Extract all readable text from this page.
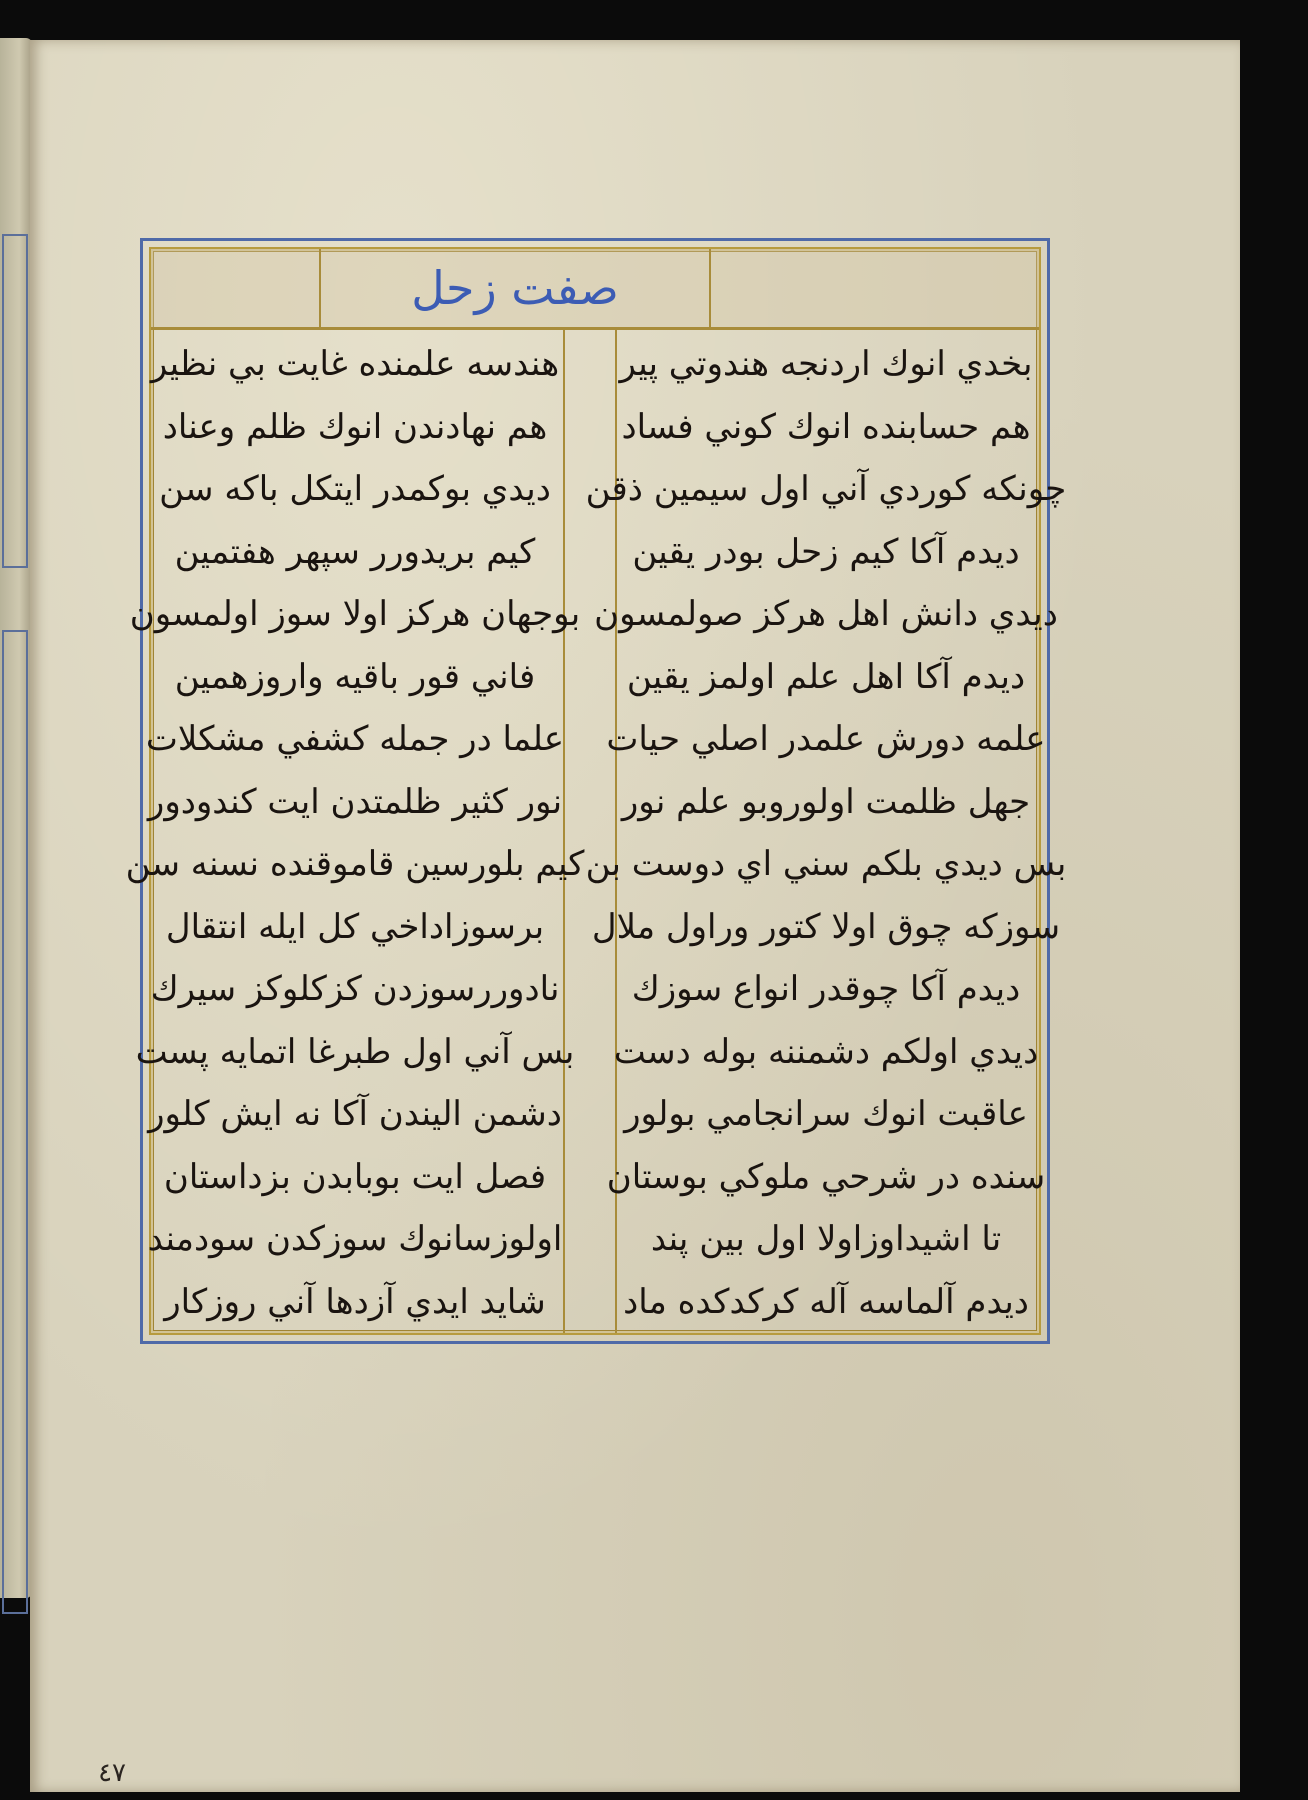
صفت زحل
بخدي انوك اردنجه هندوتي پير
هم حسابنده انوك كوني فساد
چونكه كوردي آني اول سيمين ذقن
ديدم آكا كيم زحل بودر يقين
ديدي دانش اهل هركز صولمسون
ديدم آكا اهل علم اولمز يقين
علمه دورش علمدر اصلي حيات
جهل ظلمت اولوروبو علم نور
بس ديدي بلكم سني اي دوست بن
سوزكه چوق اولا كتور وراول ملال
ديدم آكا چوقدر انواع سوزك
ديدي اولكم دشمننه بوله دست
عاقبت انوك سرانجامي بولور
سنده در شرحي ملوكي بوستان
تا اشيداوزاولا اول بين پند
ديدم آلماسه آله كركدكده ماد
هندسه علمنده غايت بي نظير
هم نهادندن انوك ظلم وعناد
ديدي بوكمدر ايتكل باكه سن
كيم بريدورر سپهر هفتمين
بوجهان هركز اولا سوز اولمسون
فاني قور باقيه واروزهمين
علما در جمله كشفي مشكلات
نور كثير ظلمتدن ايت كندودور
كيم بلورسين قاموقنده نسنه سن
برسوزاداخي كل ايله انتقال
نادوررسوزدن كزكلوكز سيرك
بس آني اول طبرغا اتمايه پست
دشمن اليندن آكا نه ايش كلور
فصل ايت بوبابدن بزداستان
اولوزسانوك سوزكدن سودمند
شايد ايدي آزدها آني روزكار
٤٧
